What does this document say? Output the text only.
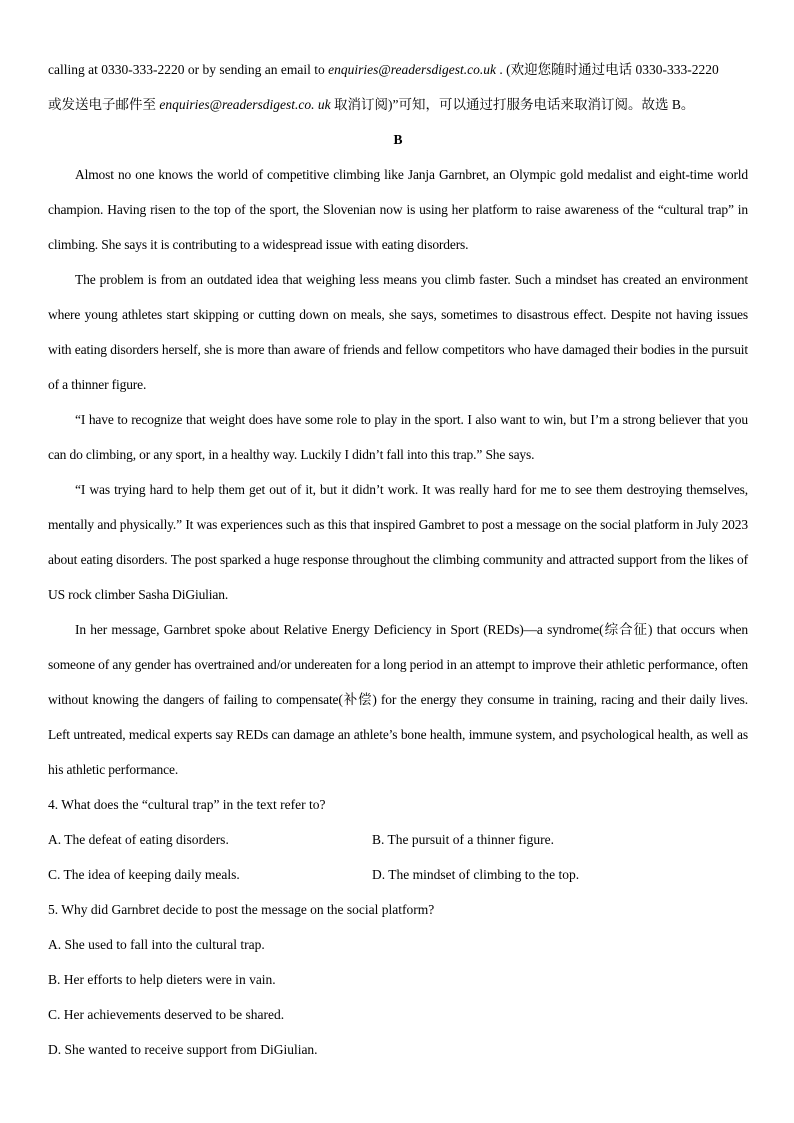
calling at 0330-333-2220 or by sending an email to enquiries@readersdigest.co.uk . (欢迎您随时通过电话 0330-333-2220
或发送电子邮件至 enquiries@readersdigest.co. uk 取消订阅)”可知，可以通过打服务电话来取消订阅。故选 B。
B

Almost no one knows the world of competitive climbing like Janja Garnbret, an Olympic gold medalist and eight-time world champion. Having risen to the top of the sport, the Slovenian now is using her platform to raise awareness of the “cultural trap” in climbing. She says it is contributing to a widespread issue with eating disorders.

The problem is from an outdated idea that weighing less means you climb faster. Such a mindset has created an environment where young athletes start skipping or cutting down on meals, she says, sometimes to disastrous effect. Despite not having issues with eating disorders herself, she is more than aware of friends and fellow competitors who have damaged their bodies in the pursuit of a thinner figure.

“I have to recognize that weight does have some role to play in the sport. I also want to win, but I’m a strong believer that you can do climbing, or any sport, in a healthy way. Luckily I didn’t fall into this trap.” She says.

“I was trying hard to help them get out of it, but it didn’t work. It was really hard for me to see them destroying themselves, mentally and physically.” It was experiences such as this that inspired Gambret to post a message on the social platform in July 2023 about eating disorders. The post sparked a huge response throughout the climbing community and attracted support from the likes of US rock climber Sasha DiGiulian.

In her message, Garnbret spoke about Relative Energy Deficiency in Sport (REDs)—a syndrome(综合征) that occurs when someone of any gender has overtrained and/or undereaten for a long period in an attempt to improve their athletic performance, often without knowing the dangers of failing to compensate(补偿) for the energy they consume in training, racing and their daily lives. Left untreated, medical experts say REDs can damage an athlete’s bone health, immune system, and psychological health, as well as his athletic performance.

4. What does the “cultural trap” in the text refer to?
A. The defeat of eating disorders.	B. The pursuit of a thinner figure.
C. The idea of keeping daily meals.	D. The mindset of climbing to the top.
5. Why did Garnbret decide to post the message on the social platform?
A. She used to fall into the cultural trap.
B. Her efforts to help dieters were in vain.
C. Her achievements deserved to be shared.
D. She wanted to receive support from DiGiulian.
